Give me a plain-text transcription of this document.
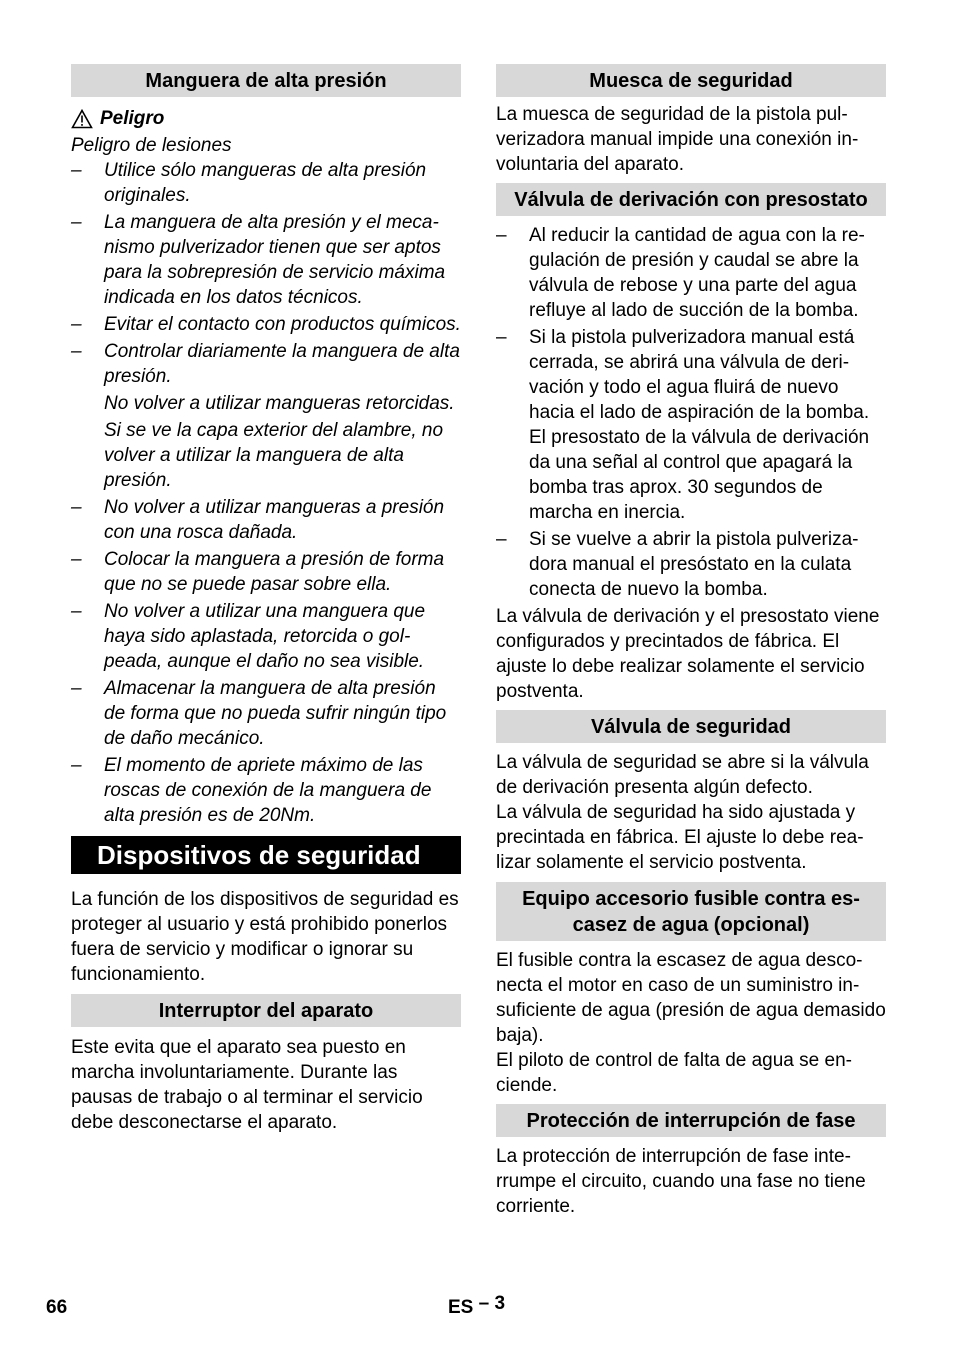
Manguera de alta presión
Peligro

Peligro de lesiones

– Utilice sólo mangueras de alta presión originales.

– La manguera de alta presión y el mecanismo pulverizador tienen que ser aptos para la sobrepresión de servicio máxima indicada en los datos técnicos.

– Evitar el contacto con productos químicos.

– Controlar diariamente la manguera de alta presión.

No volver a utilizar mangueras retorcidas.

Si se ve la capa exterior del alambre, no volver a utilizar la manguera de alta presión.

– No volver a utilizar mangueras a presión con una rosca dañada.

– Colocar la manguera a presión de forma que no se puede pasar sobre ella.

– No volver a utilizar una manguera que haya sido aplastada, retorcida o golpeada, aunque el daño no sea visible.

– Almacenar la manguera de alta presión de forma que no pueda sufrir ningún tipo de daño mecánico.

– El momento de apriete máximo de las roscas de conexión de la manguera de alta presión es de 20Nm.

Dispositivos de seguridad

La función de los dispositivos de seguridad es proteger al usuario y está prohibido ponerlos fuera de servicio y modificar o ignorar su funcionamiento.

Interruptor del aparato

Este evita que el aparato sea puesto en marcha involuntariamente. Durante las pausas de trabajo o al terminar el servicio debe desconectarse el aparato.

Muesca de seguridad

La muesca de seguridad de la pistola pulverizadora manual impide una conexión involuntaria del aparato.

Válvula de derivación con presostato
– Al reducir la cantidad de agua con la regulación de presión y caudal se abre la válvula de rebose y una parte del agua refluye al lado de succión de la bomba.

– Si la pistola pulverizadora manual está cerrada, se abrirá una válvula de derivación y todo el agua fluirá de nuevo hacia el lado de aspiración de la bomba. El presostato de la válvula de derivación da una señal al control que apagará la bomba tras aprox. 30 segundos de marcha en inercia.

– Si se vuelve a abrir la pistola pulverizadora manual el presóstato en la culata conecta de nuevo la bomba.

La válvula de derivación y el presostato viene configurados y precintados de fábrica. El ajuste lo debe realizar solamente el servicio postventa.

Válvula de seguridad

La válvula de seguridad se abre si la válvula de derivación presenta algún defecto.

La válvula de seguridad ha sido ajustada y precintada en fábrica. El ajuste lo debe realizar solamente el servicio postventa.

Equipo accesorio fusible contra escasez de agua (opcional)

El fusible contra la escasez de agua desconecta el motor en caso de un suministro insuficiente de agua (presión de agua demasido baja).

El piloto de control de falta de agua se enciende.

Protección de interrupción de fase

La protección de interrupción de fase interrumpe el circuito, cuando una fase no tiene corriente.

66	ES – 3
